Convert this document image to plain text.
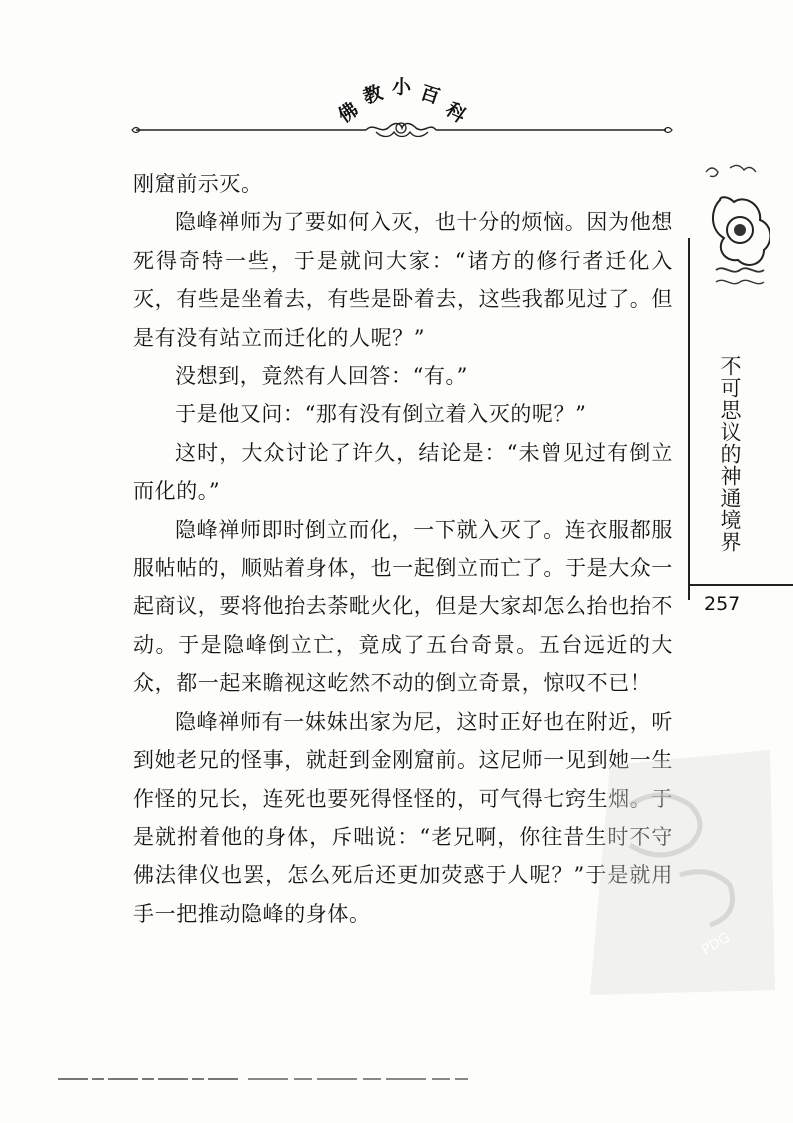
佛
教 小 百
科

刚窟前示灭。

隐峰禅师为了要如何入灭，也十分的烦恼。因为他想死得奇特一些，于是就问大家：“诸方的修行者迁化入灭，有些是坐着去，有些是卧着去，这些我都见过了。但是有没有站立而迁化的人呢？”

没想到，竟然有人回答：“有。”

于是他又问：“那有没有倒立着入灭的呢？”

这时，大众讨论了许久，结论是：“未曾见过有倒立而化的。”

隐峰禅师即时倒立而化，一下就入灭了。连衣服都服服帖帖的，顺贴着身体，也一起倒立而亡了。于是大众一起商议，要将他抬去荼毗火化，但是大家却怎么抬也抬不动。于是隐峰倒立亡，竟成了五台奇景。五台远近的大众，都一起来瞻视这屹然不动的倒立奇景，惊叹不已！

隐峰禅师有一妹妹出家为尼，这时正好也在附近，听到她老兄的怪事，就赶到金刚窟前。这尼师一见到她一生作怪的兄长，连死也要死得怪怪的，可气得七窍生烟。于是就拊着他的身体，斥咄说：“老兄啊，你往昔生时不守佛法律仪也罢，怎么死后还更加荧惑于人呢？”于是就用手一把推动隐峰的身体。

不可思议的神通境界
257
PDG
